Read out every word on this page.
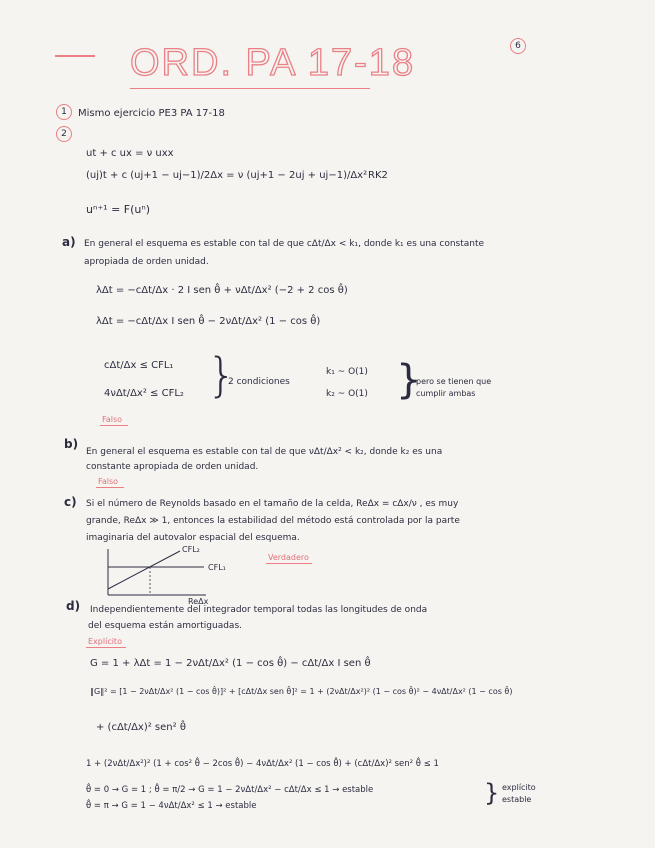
ORD. PA 17-18	6
1	Mismo ejercicio PE3 PA 17-18
2
ut + c ux = ν uxx
(uj)t + c (uj+1 − uj−1)/2Δx = ν (uj+1 − 2uj + uj−1)/Δx² RK2
uⁿ⁺¹ = F(uⁿ)
a) En general el esquema es estable con tal de que cΔt/Δx < k₁, donde k₁ es una constante
apropiada de orden unidad.
λΔt = −cΔt/Δx · 2 I sen θ̂ + νΔt/Δx² (−2 + 2 cos θ̂)
λΔt = −cΔt/Δx I sen θ̂ − 2νΔt/Δx² (1 − cos θ̂)
cΔt/Δx ≤ CFL₁
4νΔt/Δx² ≤ CFL₂ }
2 condiciones
k₁ ~ O(1)
k₂ ~ O(1) }
pero se tienen que
cumplir ambas
Falso
b)
En general el esquema es estable con tal de que νΔt/Δx² < k₂, donde k₂ es una
constante apropiada de orden unidad.
Falso
c) Si el número de Reynolds basado en el tamaño de la celda, ReΔx = cΔx/ν , es muy
grande, ReΔx ≫ 1, entonces la estabilidad del método está controlada por la parte
imaginaria del autovalor espacial del esquema.
CFL₂
CFL₁
ReΔx
Verdadero
d) Independientemente del integrador temporal todas las longitudes de onda
del esquema están amortiguadas.
Explícito
G = 1 + λΔt = 1 − 2νΔt/Δx² (1 − cos θ̂) − cΔt/Δx I sen θ̂
‖G‖² = [1 − 2νΔt/Δx² (1 − cos θ̂)]² + [cΔt/Δx sen θ̂]² = 1 + (2νΔt/Δx²)² (1 − cos θ̂)² − 4νΔt/Δx² (1 − cos θ̂)
+ (cΔt/Δx)² sen² θ̂
1 + (2νΔt/Δx²)² (1 + cos² θ̂ − 2cos θ̂) − 4νΔt/Δx² (1 − cos θ̂) + (cΔt/Δx)² sen² θ̂ ≤ 1
θ̂ = 0 → G = 1 ; θ̂ = π/2 → G = 1 − 2νΔt/Δx² − cΔt/Δx ≤ 1 → estable
θ̂ = π → G = 1 − 4νΔt/Δx² ≤ 1 → estable	} explícito
estable
